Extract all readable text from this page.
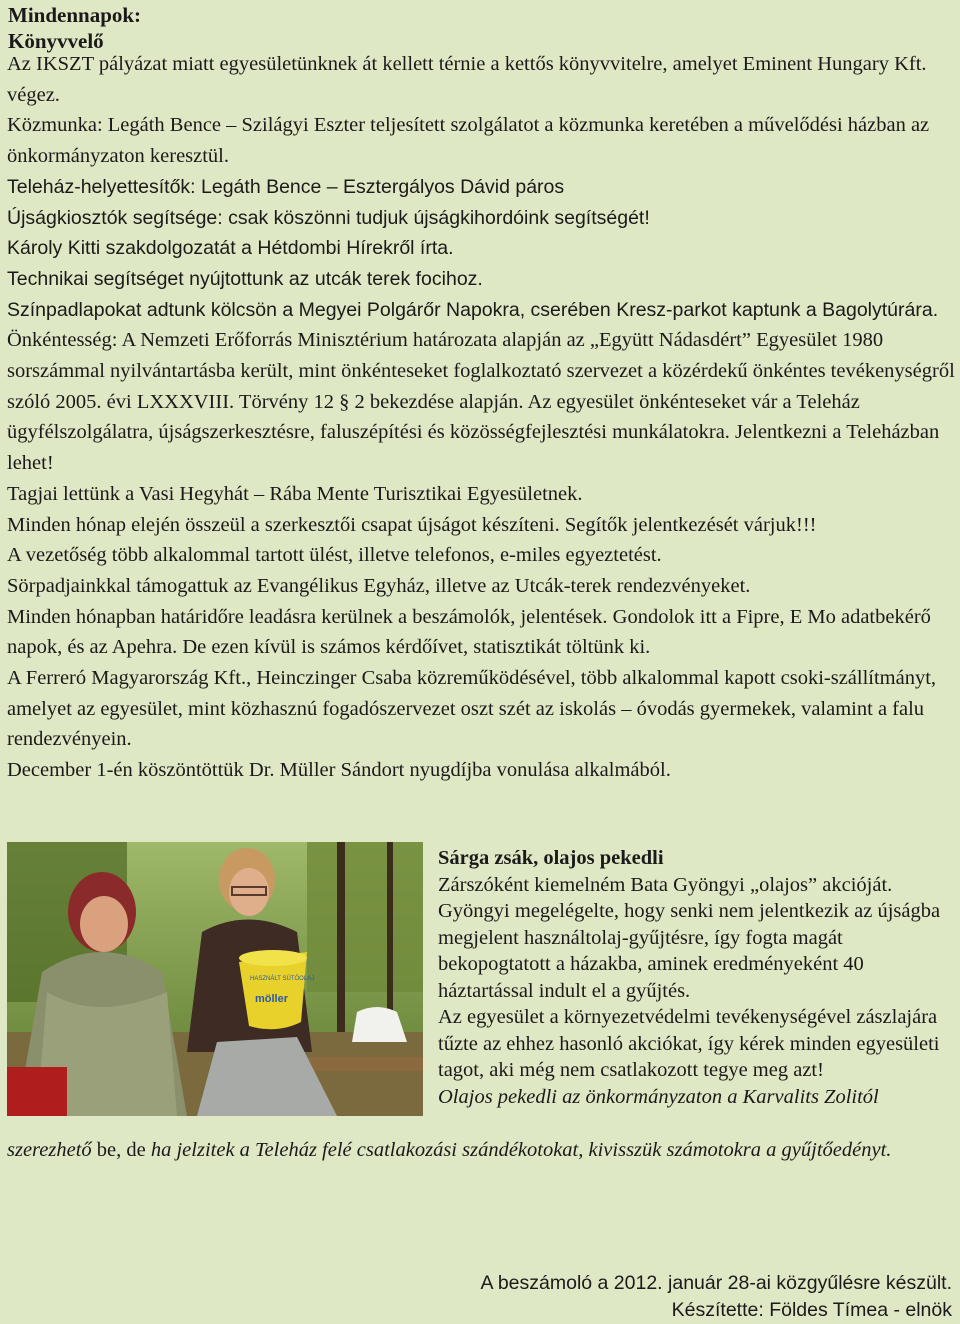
Mindennapok:
Könyvvelő

Az IKSZT pályázat miatt egyesületünknek át kellett térnie a kettős könyvvitelre, amelyet Eminent Hungary Kft. végez.

Közmunka: Legáth Bence – Szilágyi Eszter teljesített szolgálatot a közmunka keretében a művelődési házban az önkormányzaton keresztül.

Teleház-helyettesítők: Legáth Bence – Esztergályos Dávid páros

Újságkiosztók segítsége: csak köszönni tudjuk újságkihordóink segítségét!

Károly Kitti szakdolgozatát a Hétdombi Hírekről írta.

Technikai segítséget nyújtottunk az utcák terek focihoz.

Színpadlapokat adtunk kölcsön a Megyei Polgárőr Napokra, cserében Kresz-parkot kaptunk a Bagolytúrára.

Önkéntesség: A Nemzeti Erőforrás Minisztérium határozata alapján az „Együtt Nádasdért” Egyesület 1980 sorszámmal nyilvántartásba került, mint önkénteseket foglalkoztató szervezet a közérdekű önkéntes tevékenységről szóló 2005. évi LXXXVIII. Törvény 12 § 2 bekezdése alapján. Az egyesület önkénteseket vár a Teleház ügyfélszolgálatra, újságszerkesztésre, faluszépítési és közösségfejlesztési munkálatokra. Jelentkezni a Teleházban lehet!

Tagjai lettünk a Vasi Hegyhát – Rába Mente Turisztikai Egyesületnek.

Minden hónap elején összeül a szerkesztői csapat újságot készíteni. Segítők jelentkezését várjuk!!!

A vezetőség több alkalommal tartott ülést, illetve telefonos, e-miles egyeztetést.

Sörpadjainkkal támogattuk az Evangélikus Egyház, illetve az Utcák-terek rendezvényeket.

Minden hónapban határidőre leadásra kerülnek a beszámolók, jelentések. Gondolok itt a Fipre, E Mo adatbekérő napok, és az Apehra. De ezen kívül is számos kérdőívet, statisztikát töltünk ki.

A Ferreró Magyarország Kft., Heinczinger Csaba közreműködésével, több alkalommal kapott csoki-szállítmányt, amelyet az egyesület, mint közhasznú fogadószervezet oszt szét az iskolás – óvodás gyermekek, valamint a falu rendezvényein.

December 1-én köszöntöttük Dr. Müller Sándort nyugdíjba vonulása alkalmából.

HASZNÁLT SÜTŐOLAJ
möller

Sárga zsák, olajos pekedli

Zárszóként kiemelném Bata Gyöngyi „olajos” akcióját. Gyöngyi megelégelte, hogy senki nem jelentkezik az újságba megjelent használtolaj-gyűjtésre, így fogta magát bekopogtatott a házakba, aminek eredményeként 40 háztartással indult el a gyűjtés.

Az egyesület a környezetvédelmi tevékenységével zászlajára tűzte az ehhez hasonló akciókat, így kérek minden egyesületi tagot, aki még nem csatlakozott tegye meg azt!

Olajos pekedli az önkormányzaton a Karvalits Zolitól

szerezhető be, de ha jelzitek a Teleház felé csatlakozási szándékotokat, kivisszük számotokra a gyűjtőedényt.
A beszámoló a 2012. január 28-ai közgyűlésre készült.
Készítette: Földes Tímea - elnök
